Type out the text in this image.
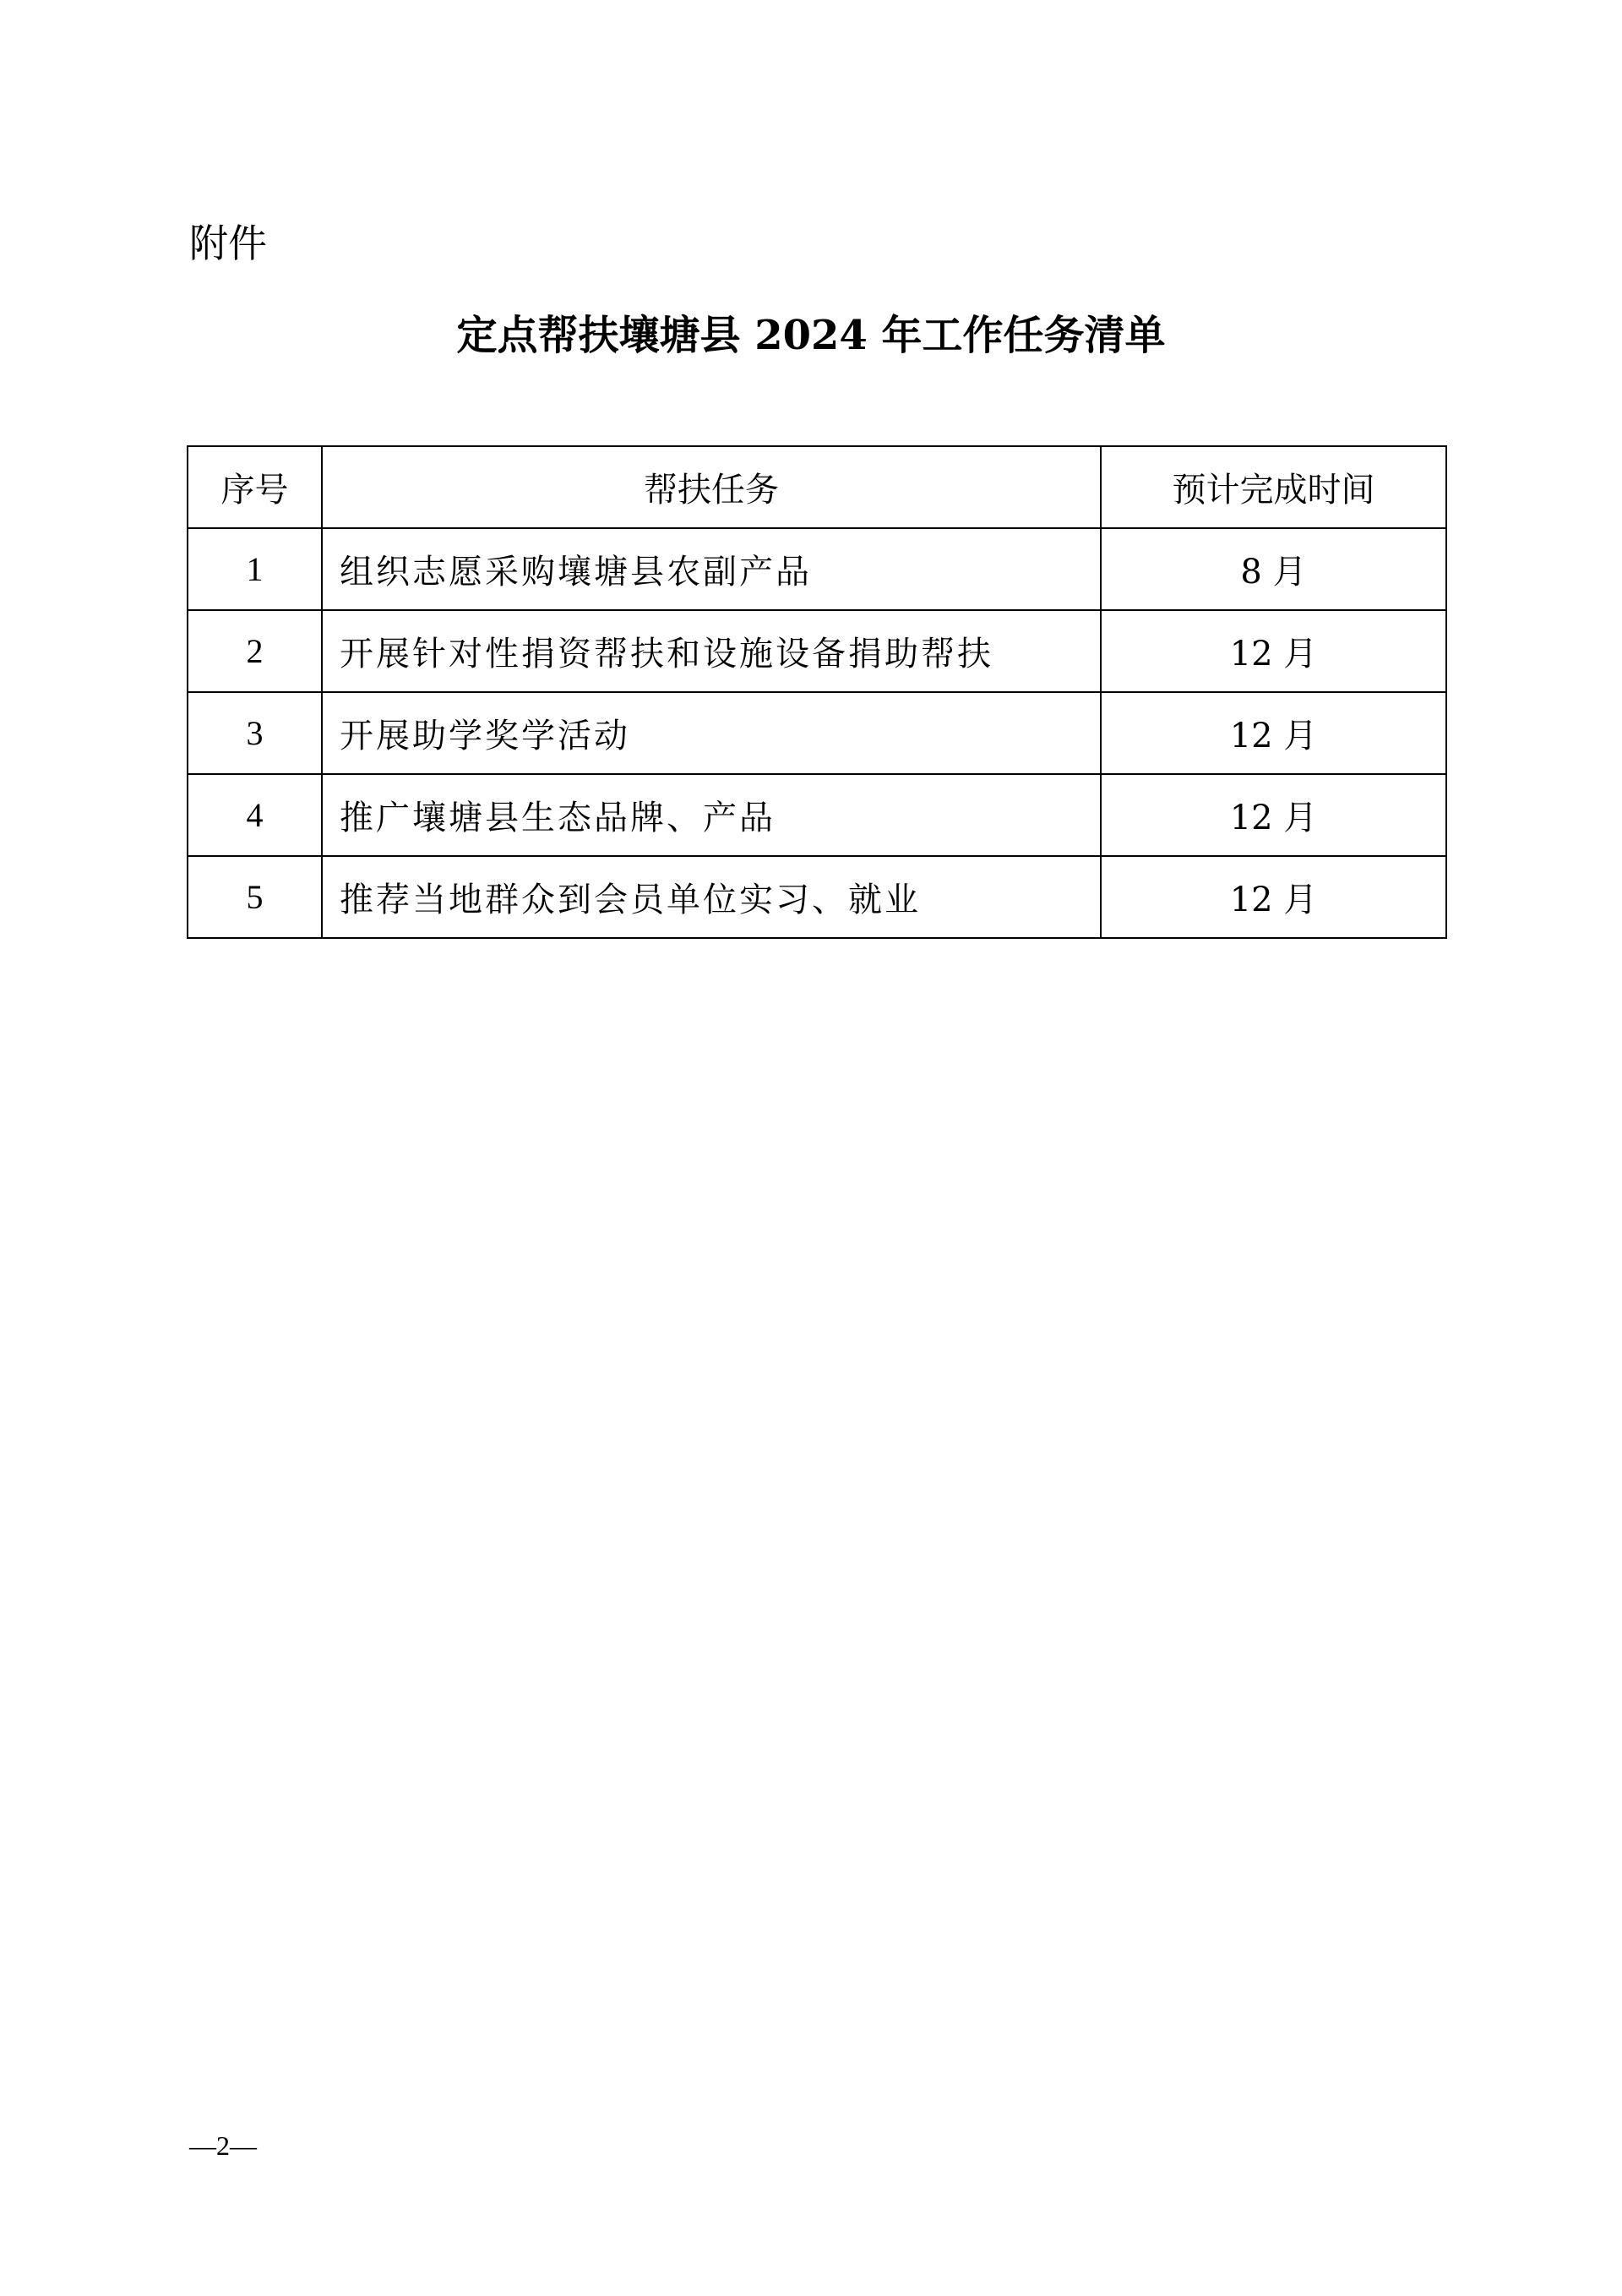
附件
定点帮扶壤塘县 2024 年工作任务清单
序号	帮扶任务	预计完成时间
1	组织志愿采购壤塘县农副产品	8 月
2	开展针对性捐资帮扶和设施设备捐助帮扶	12 月
3	开展助学奖学活动	12 月
4	推广壤塘县生态品牌、产品	12 月
5	推荐当地群众到会员单位实习、就业	12 月
—2—
